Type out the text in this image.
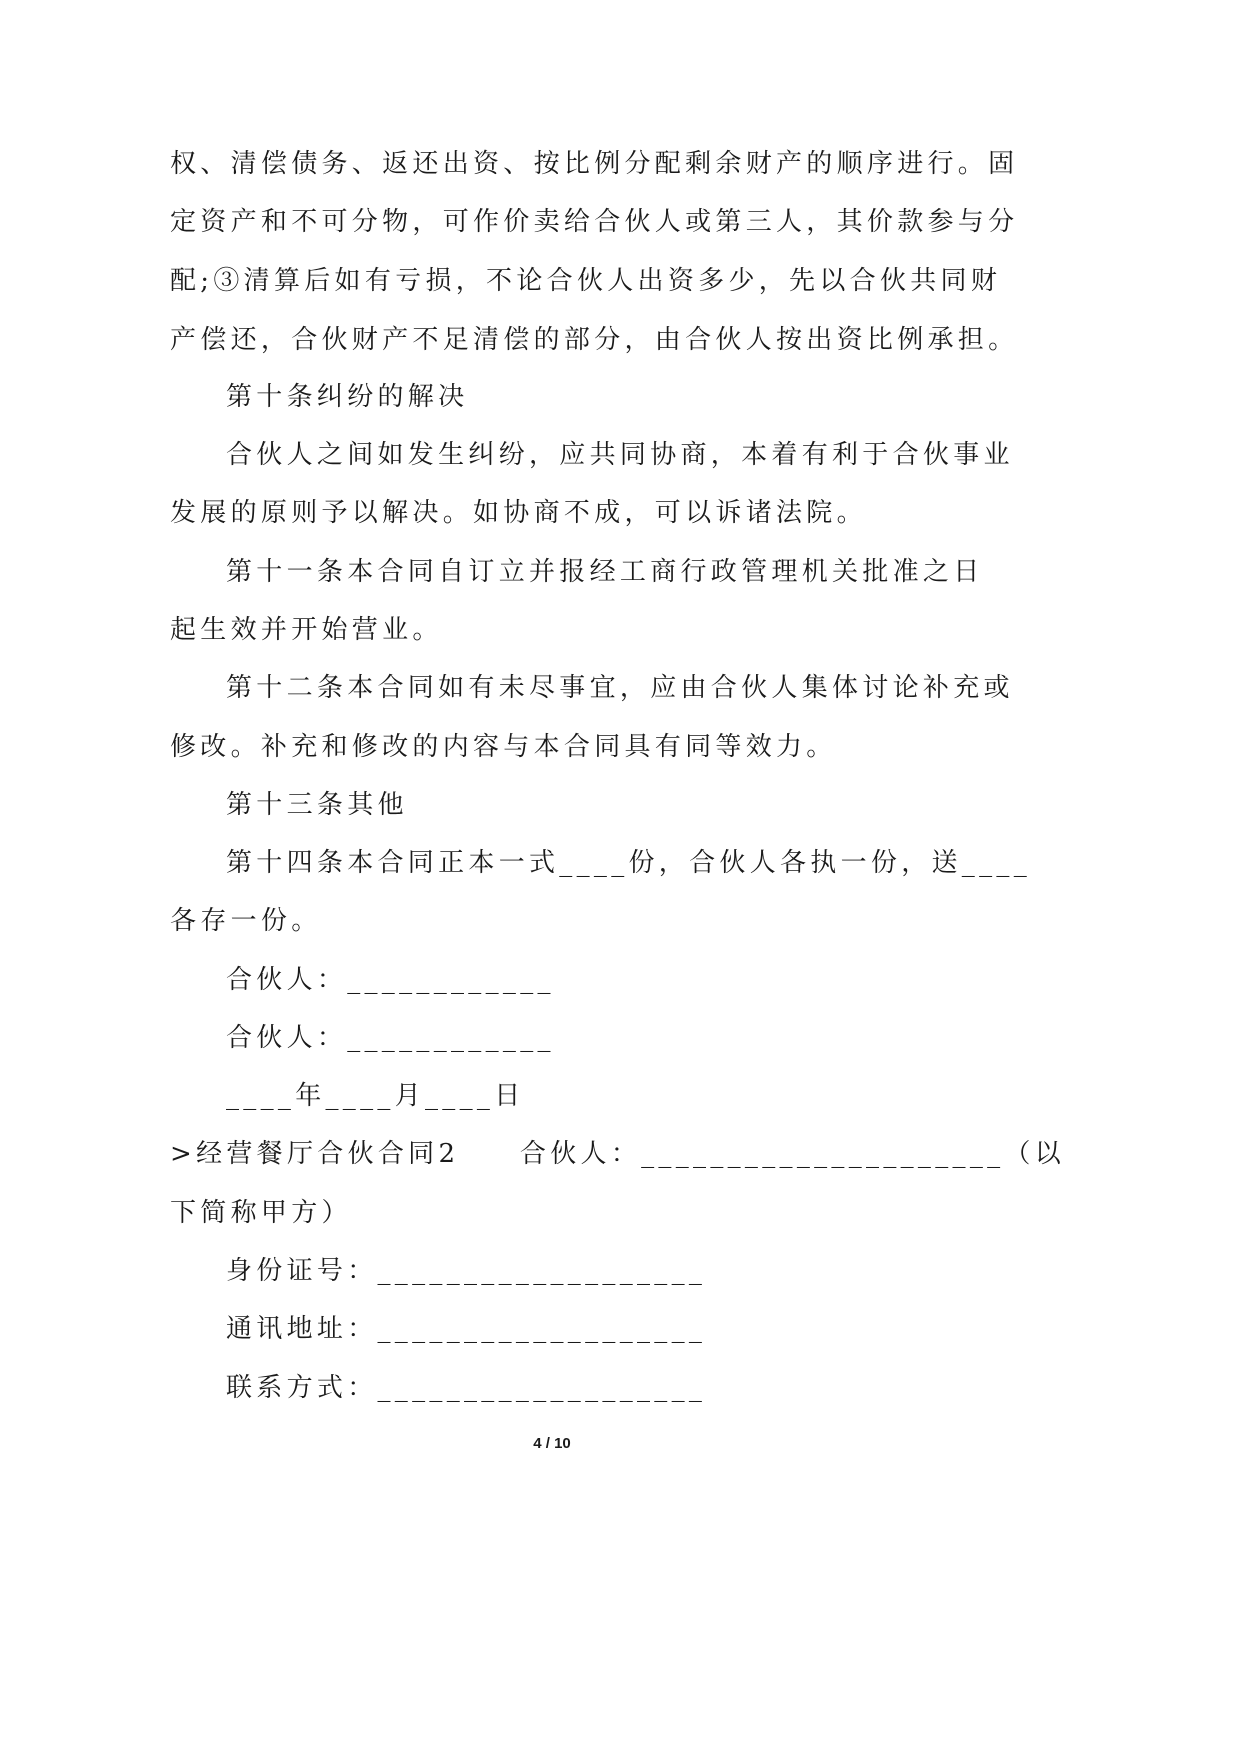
权、清偿债务、返还出资、按比例分配剩余财产的顺序进行。固
定资产和不可分物，可作价卖给合伙人或第三人，其价款参与分
配;③清算后如有亏损，不论合伙人出资多少，先以合伙共同财
产偿还，合伙财产不足清偿的部分，由合伙人按出资比例承担。
第十条纠纷的解决
合伙人之间如发生纠纷，应共同协商，本着有利于合伙事业
发展的原则予以解决。如协商不成，可以诉诸法院。
第十一条本合同自订立并报经工商行政管理机关批准之日
起生效并开始营业。
第十二条本合同如有未尽事宜，应由合伙人集体讨论补充或
修改。补充和修改的内容与本合同具有同等效力。
第十三条其他
第十四条本合同正本一式____份，合伙人各执一份，送____
各存一份。
合伙人：____________
合伙人：____________
____年____月____日
>经营餐厅合伙合同2　　合伙人：_____________________（以
下简称甲方）
身份证号：___________________
通讯地址：___________________
联系方式：___________________
4 / 10
